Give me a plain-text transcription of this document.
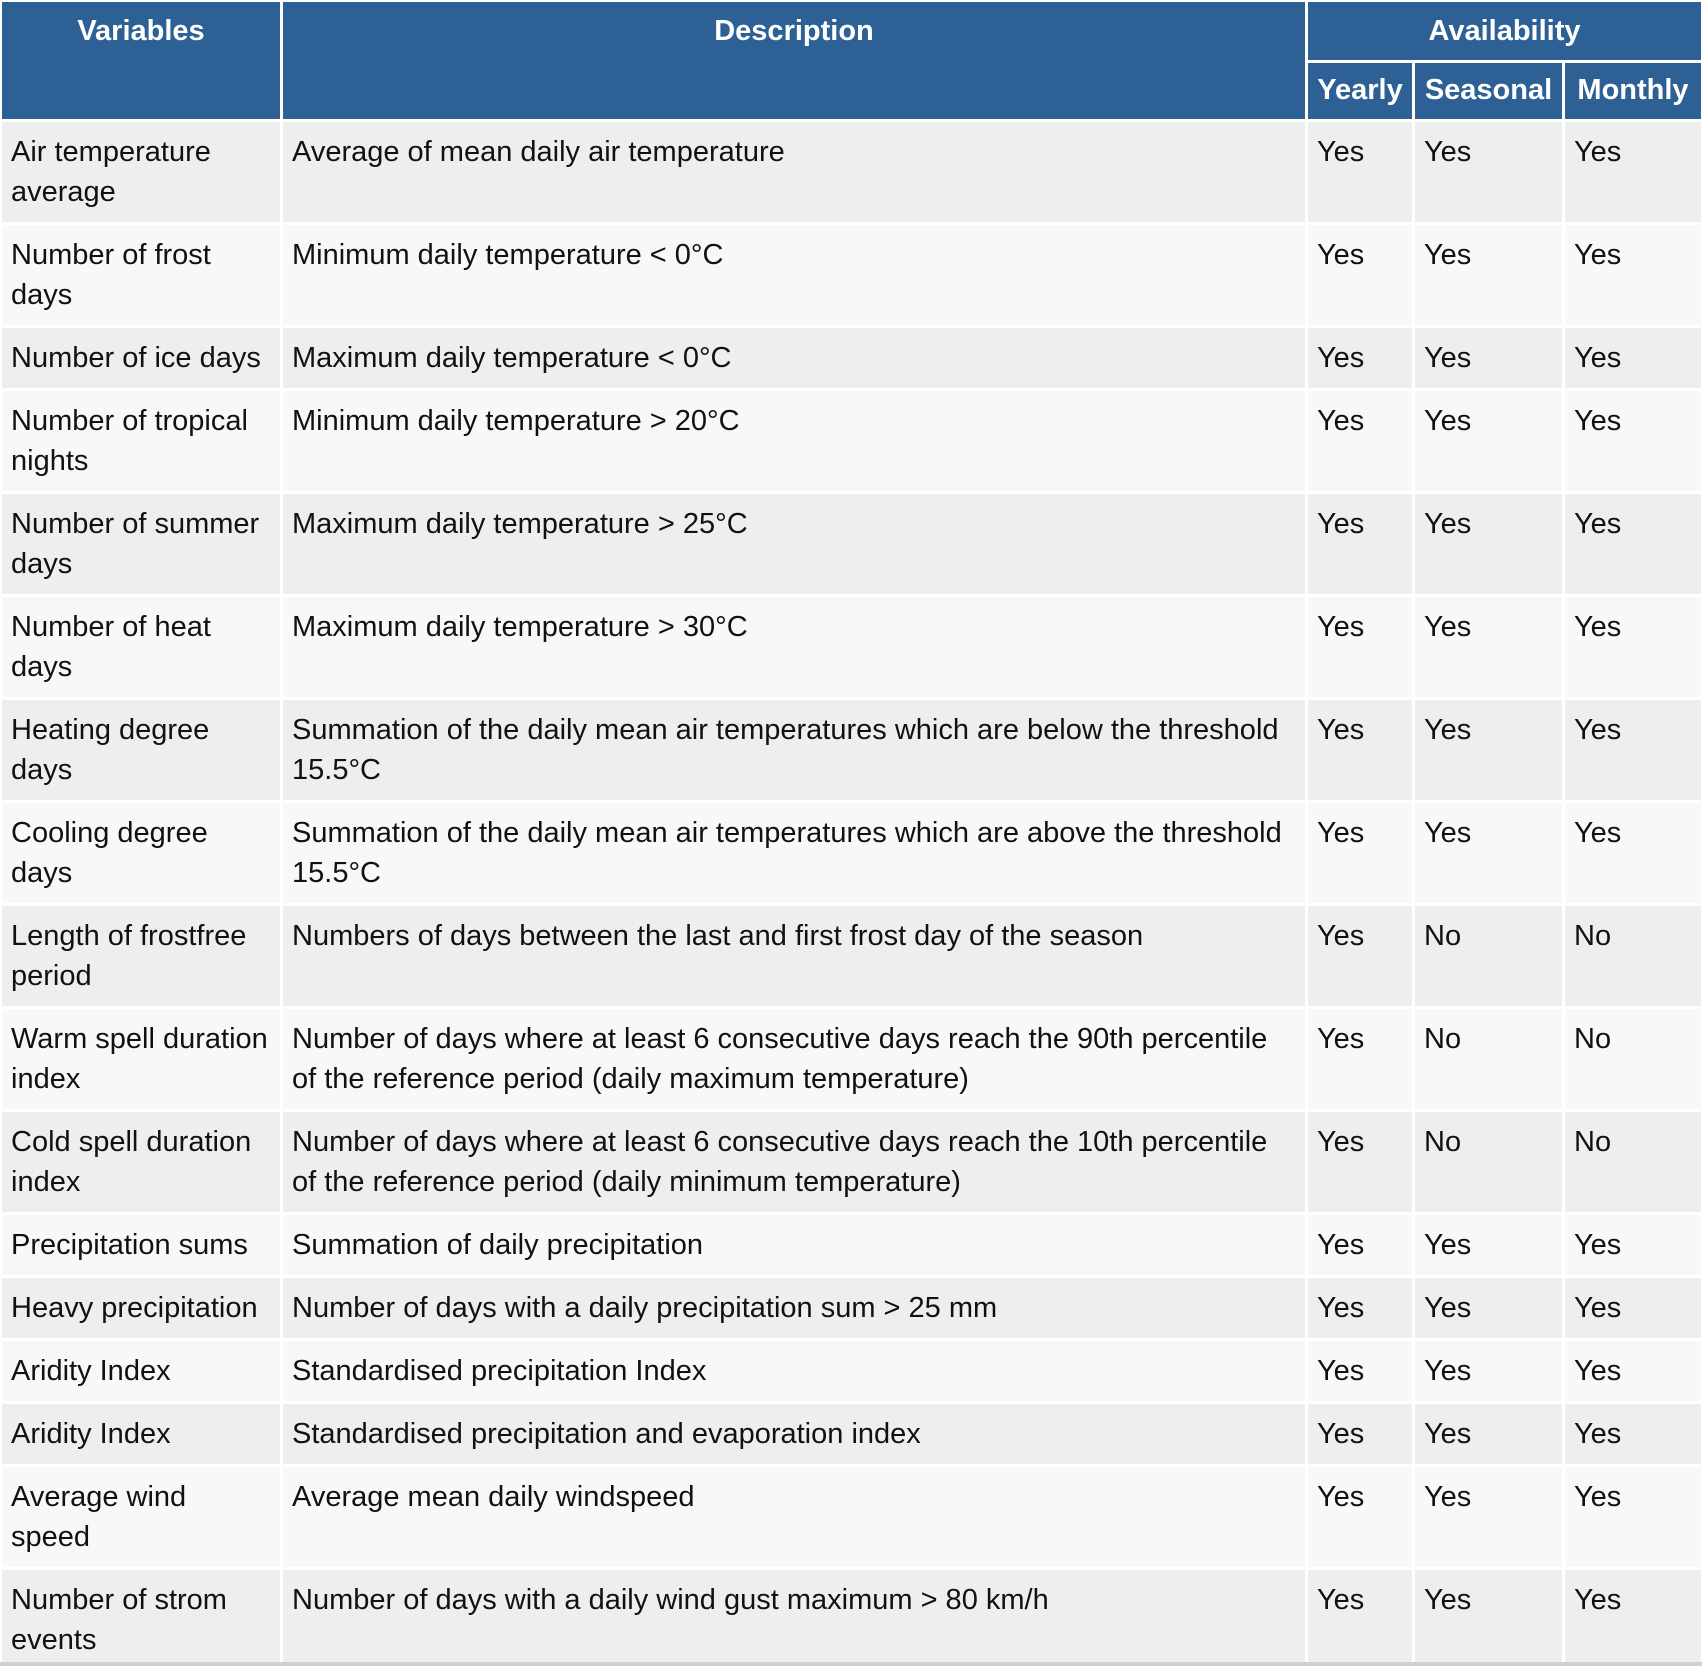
Variables	Description	Availability		
		Yearly	Seasonal	Monthly
Air temperature average	Average of mean daily air temperature	Yes	Yes	Yes
Number of frost days	Minimum daily temperature < 0°C	Yes	Yes	Yes
Number of ice days	Maximum daily temperature < 0°C	Yes	Yes	Yes
Number of tropical nights	Minimum daily temperature > 20°C	Yes	Yes	Yes
Number of summer days	Maximum daily temperature > 25°C	Yes	Yes	Yes
Number of heat days	Maximum daily temperature > 30°C	Yes	Yes	Yes
Heating degree days	Summation of the daily mean air temperatures which are below the threshold 15.5°C	Yes	Yes	Yes
Cooling degree days	Summation of the daily mean air temperatures which are above the threshold 15.5°C	Yes	Yes	Yes
Length of frostfree period	Numbers of days between the last and first frost day of the season	Yes	No	No
Warm spell duration index	Number of days where at least 6 consecutive days reach the 90th percentile of the reference period (daily maximum temperature)	Yes	No	No
Cold spell duration index	Number of days where at least 6 consecutive days reach the 10th percentile of the reference period (daily minimum temperature)	Yes	No	No
Precipitation sums	Summation of daily precipitation	Yes	Yes	Yes
Heavy precipitation	Number of days with a daily precipitation sum > 25 mm	Yes	Yes	Yes
Aridity Index	Standardised precipitation Index	Yes	Yes	Yes
Aridity Index	Standardised precipitation and evaporation index	Yes	Yes	Yes
Average wind speed	Average mean daily windspeed	Yes	Yes	Yes
Number of strom events	Number of days with a daily wind gust maximum > 80 km/h	Yes	Yes	Yes
